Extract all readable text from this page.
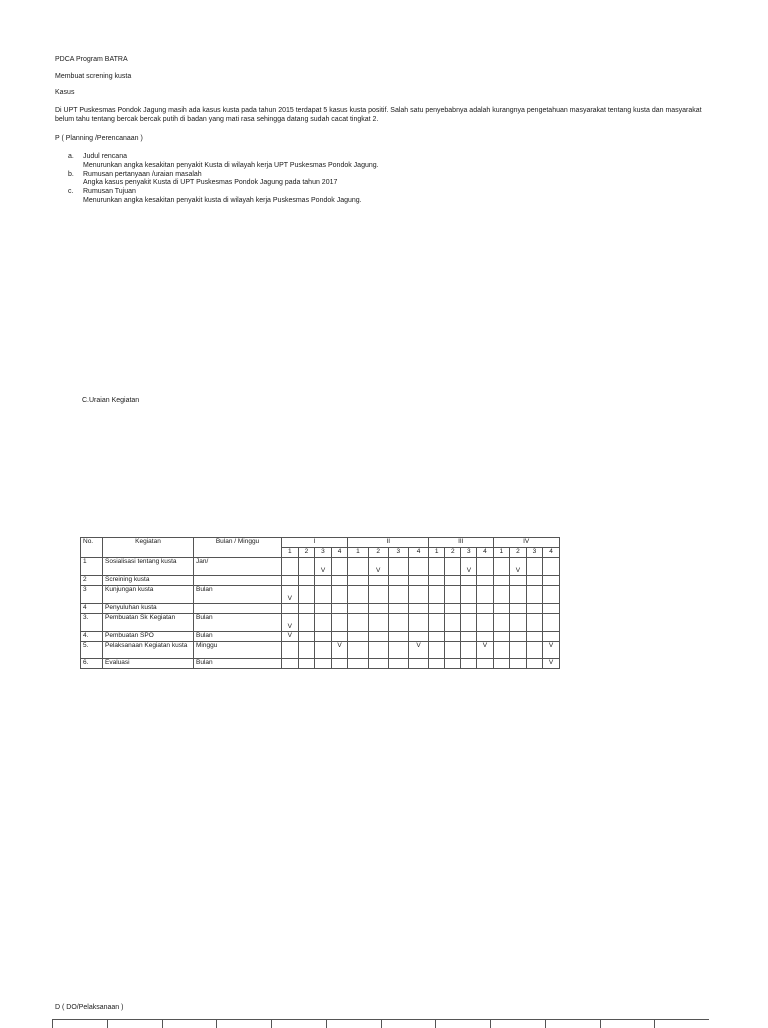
PDCA Program BATRA
Membuat screning kusta
Kasus
Di UPT Puskesmas Pondok Jagung masih ada kasus kusta pada tahun 2015 terdapat 5 kasus kusta positif. Salah satu penyebabnya adalah kurangnya pengetahuan masyarakat tentang kusta dan masyarakat belum tahu tentang bercak bercak putih di badan yang mati rasa sehingga datang sudah cacat tingkat 2.
P ( Planning /Perencanaan )
a. Judul rencana
Menurunkan angka kesakitan penyakit Kusta di wilayah kerja UPT Puskesmas Pondok Jagung.
b. Rumusan pertanyaan /uraian masalah
Angka kasus penyakit Kusta di UPT Puskesmas Pondok Jagung pada tahun 2017
c. Rumusan Tujuan
Menurunkan angka kesakitan penyakit kusta di wilayah kerja Puskesmas Pondok Jagung.
C.Uraian Kegiatan
No.	Kegiatan	Bulan / Minggu	I				II				III				IV			
			1	2	3	4	1	2	3	4	1	2	3	4	1	2	3	4
1	Sosialisasi tentang kusta	Jan/			V			V					V			V		
2	Screining kusta																	
3	Kunjungan kusta	Bulan	V															
4	Penyuluhan kusta																	
3.	Pembuatan Sk Kegiatan	Bulan	V															
4.	Pembuatan SPO	Bulan	V															
5.	Pelaksanaan Kegiatan kusta	Minggu				V				V				V				V
6.	Evaluasi	Bulan																V
D ( DO/Pelaksanaan )
